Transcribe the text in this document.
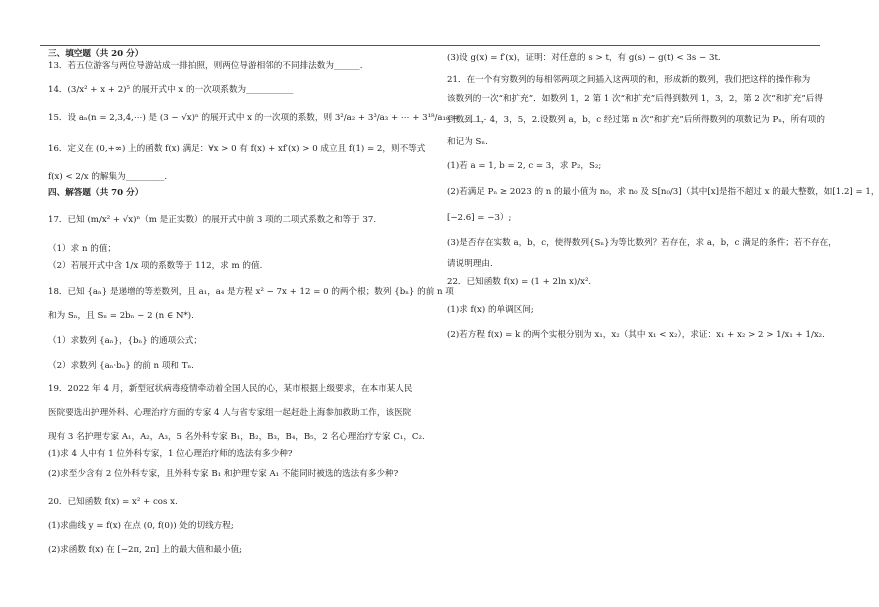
三、填空题（共 20 分）
13．若五位游客与两位导游站成一排拍照，则两位导游相邻的不同排法数为______.
14．(3/x² + x + 2)⁵ 的展开式中 x 的一次项系数为___________
15．设 aₙ(n = 2,3,4,⋯) 是 (3 − √x)ⁿ 的展开式中 x 的一次项的系数，则 3²/a₂ + 3³/a₃ + ⋯ + 3¹⁸/a₁₈ = _____.
16．定义在 (0,+∞) 上的函数 f(x) 满足：∀x > 0 有 f(x) + xf′(x) > 0 成立且 f(1) = 2，则不等式
f(x) < 2/x 的解集为_________.
四、解答题（共 70 分）
17．已知 (m/x² + √x)ⁿ（m 是正实数）的展开式中前 3 项的二项式系数之和等于 37.
（1）求 n 的值；
（2）若展开式中含 1/x 项的系数等于 112，求 m 的值.
18．已知 {aₙ} 是递增的等差数列，且 a₁，a₄ 是方程 x² − 7x + 12 = 0 的两个根；数列 {bₙ} 的前 n 项
和为 Sₙ，且 Sₙ = 2bₙ − 2 (n ∈ N*).
（1）求数列 {aₙ}，{bₙ} 的通项公式；
（2）求数列 {aₙ·bₙ} 的前 n 项和 Tₙ.
19．2022 年 4 月，新型冠状病毒疫情牵动着全国人民的心，某市根据上级要求，在本市某人民
医院要选出护理外科、心理治疗方面的专家 4 人与省专家组一起赶赴上海参加救助工作，该医院
现有 3 名护理专家 A₁，A₂，A₃，5 名外科专家 B₁，B₂，B₃，B₄，B₅，2 名心理治疗专家 C₁，C₂.
(1)求 4 人中有 1 位外科专家，1 位心理治疗师的选法有多少种?
(2)求至少含有 2 位外科专家，且外科专家 B₁ 和护理专家 A₁ 不能同时被选的选法有多少种?
20．已知函数 f(x) = x² + cos x.
(1)求曲线 y = f(x) 在点 (0, f(0)) 处的切线方程;
(2)求函数 f(x) 在 [−2π, 2π] 上的最大值和最小值;
(3)设 g(x) = f′(x)，证明：对任意的 s > t，有 g(s) − g(t) < 3s − 3t.
21．在一个有穷数列的每相邻两项之间插入这两项的和，形成新的数列，我们把这样的操作称为
该数列的一次“和扩充”．如数列 1，2 第 1 次“和扩充”后得到数列 1，3，2，第 2 次“和扩充”后得
到数列 1，4，3，5，2.设数列 a，b，c 经过第 n 次“和扩充”后所得数列的项数记为 Pₙ，所有项的
和记为 Sₙ.
(1)若 a = 1, b = 2, c = 3，求 P₂，S₂;
(2)若满足 Pₙ ≥ 2023 的 n 的最小值为 n₀，求 n₀ 及 S[n₀/3]（其中[x]是指不超过 x 的最大整数，如[1.2] = 1，
[−2.6] = −3）;
(3)是否存在实数 a，b，c，使得数列{Sₙ}为等比数列？若存在，求 a，b，c 满足的条件；若不存在，
请说明理由.
22．已知函数 f(x) = (1 + 2ln x)/x².
(1)求 f(x) 的单调区间;
(2)若方程 f(x) = k 的两个实根分别为 x₁，x₂（其中 x₁ < x₂），求证：x₁ + x₂ > 2 > 1/x₁ + 1/x₂.
